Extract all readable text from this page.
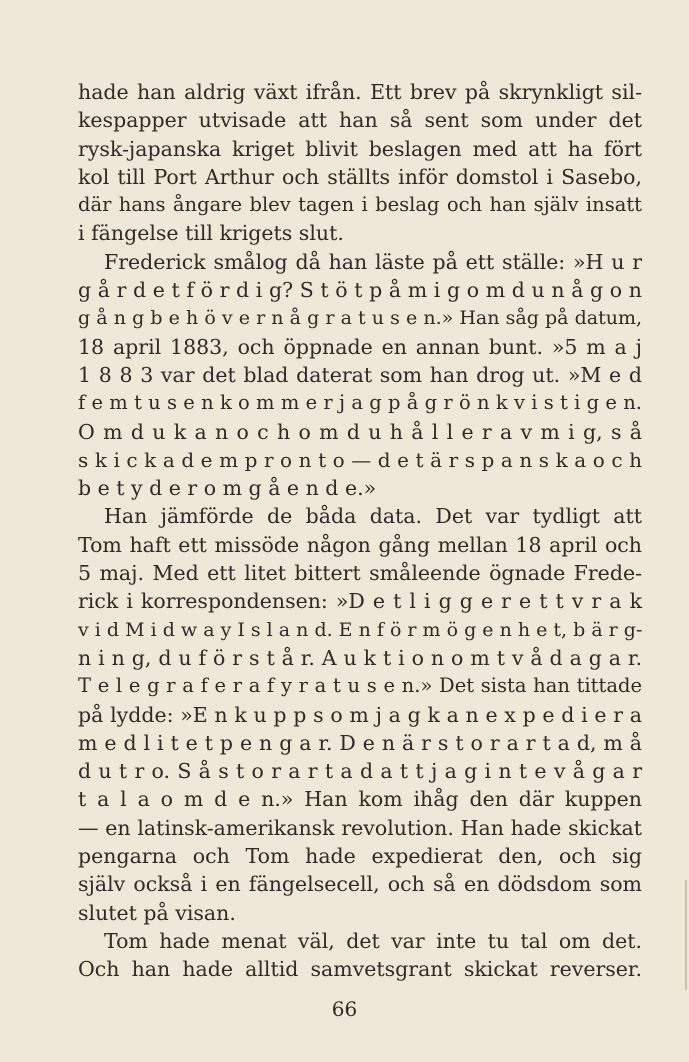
hade han aldrig växt ifrån. Ett brev på skrynkligt sil-
kespapper utvisade att han så sent som under det
rysk-japanska kriget blivit beslagen med att ha fört
kol till Port Arthur och ställts inför domstol i Sasebo,
där hans ångare blev tagen i beslag och han själv insatt
i fängelse till krigets slut.
Frederick smålog då han läste på ett ställe: »H u r
g å r d e t f ö r d i g? S t ö t p å m i g o m d u n å g o n
g å n g b e h ö v e r n å g r a t u s e n.» Han såg på datum,
18 april 1883, och öppnade en annan bunt. »5 m a j
1 8 8 3 var det blad daterat som han drog ut. »M e d
f e m t u s e n k o m m e r j a g p å g r ö n k v i s t i g e n.
O m d u k a n o c h o m d u h å l l e r a v m i g, s å
s k i c k a d e m p r o n t o — d e t ä r s p a n s k a o c h
b e t y d e r o m g å e n d e.»
Han jämförde de båda data. Det var tydligt att
Tom haft ett missöde någon gång mellan 18 april och
5 maj. Med ett litet bittert småleende ögnade Frede-
rick i korrespondensen: »D e t l i g g e r e t t v r a k
v i d M i d w a y I s l a n d. E n f ö r m ö g e n h e t, b ä r g-
n i n g, d u f ö r s t å r. A u k t i o n o m t v å d a g a r.
T e l e g r a f e r a f y r a t u s e n.» Det sista han tittade
på lydde: »E n k u p p s o m j a g k a n e x p e d i e r a
m e d l i t e t p e n g a r. D e n ä r s t o r a r t a d, m å
d u t r o. S å s t o r a r t a d a t t j a g i n t e v å g a r
t a l a o m d e n.» Han kom ihåg den där kuppen
— en latinsk-amerikansk revolution. Han hade skickat
pengarna och Tom hade expedierat den, och sig
själv också i en fängelsecell, och så en dödsdom som
slutet på visan.
Tom hade menat väl, det var inte tu tal om det.
Och han hade alltid samvetsgrant skickat reverser.
66
